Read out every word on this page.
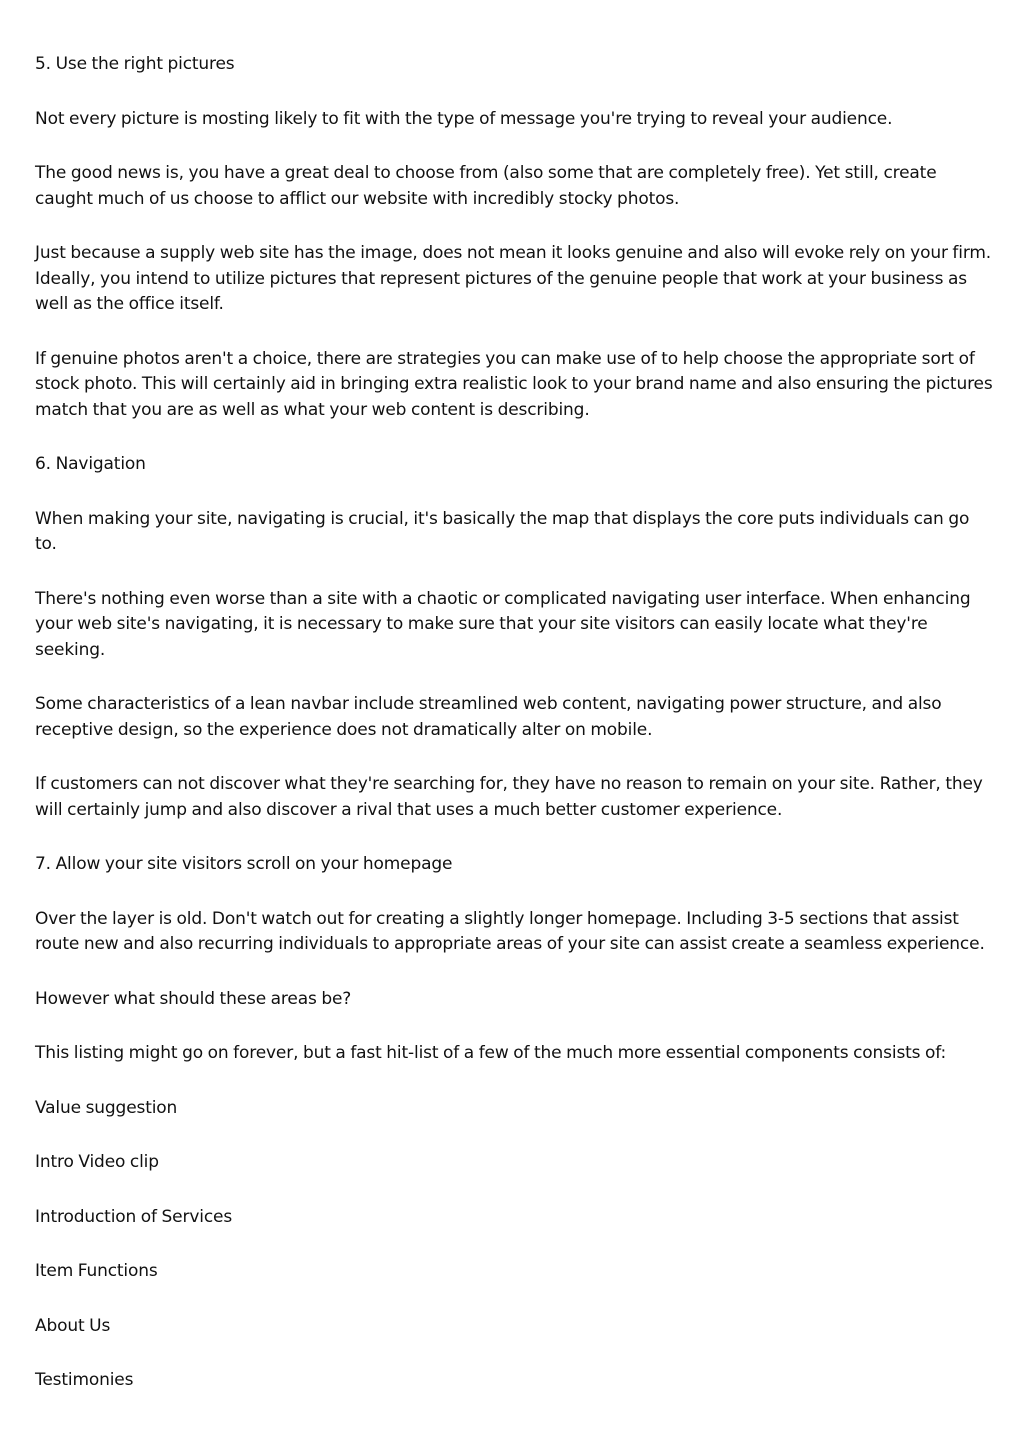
5. Use the right pictures

Not every picture is mosting likely to fit with the type of message you're trying to reveal your audience.

The good news is, you have a great deal to choose from (also some that are completely free). Yet still, create caught much of us choose to afflict our website with incredibly stocky photos.

Just because a supply web site has the image, does not mean it looks genuine and also will evoke rely on your firm. Ideally, you intend to utilize pictures that represent pictures of the genuine people that work at your business as well as the office itself.

If genuine photos aren't a choice, there are strategies you can make use of to help choose the appropriate sort of stock photo. This will certainly aid in bringing extra realistic look to your brand name and also ensuring the pictures match that you are as well as what your web content is describing.

6. Navigation

When making your site, navigating is crucial, it's basically the map that displays the core puts individuals can go to.

There's nothing even worse than a site with a chaotic or complicated navigating user interface. When enhancing your web site's navigating, it is necessary to make sure that your site visitors can easily locate what they're seeking.

Some characteristics of a lean navbar include streamlined web content, navigating power structure, and also receptive design, so the experience does not dramatically alter on mobile.

If customers can not discover what they're searching for, they have no reason to remain on your site. Rather, they will certainly jump and also discover a rival that uses a much better customer experience.

7. Allow your site visitors scroll on your homepage

Over the layer is old. Don't watch out for creating a slightly longer homepage. Including 3-5 sections that assist route new and also recurring individuals to appropriate areas of your site can assist create a seamless experience.

However what should these areas be?

This listing might go on forever, but a fast hit-list of a few of the much more essential components consists of:

Value suggestion

Intro Video clip

Introduction of Services

Item Functions

About Us

Testimonies
